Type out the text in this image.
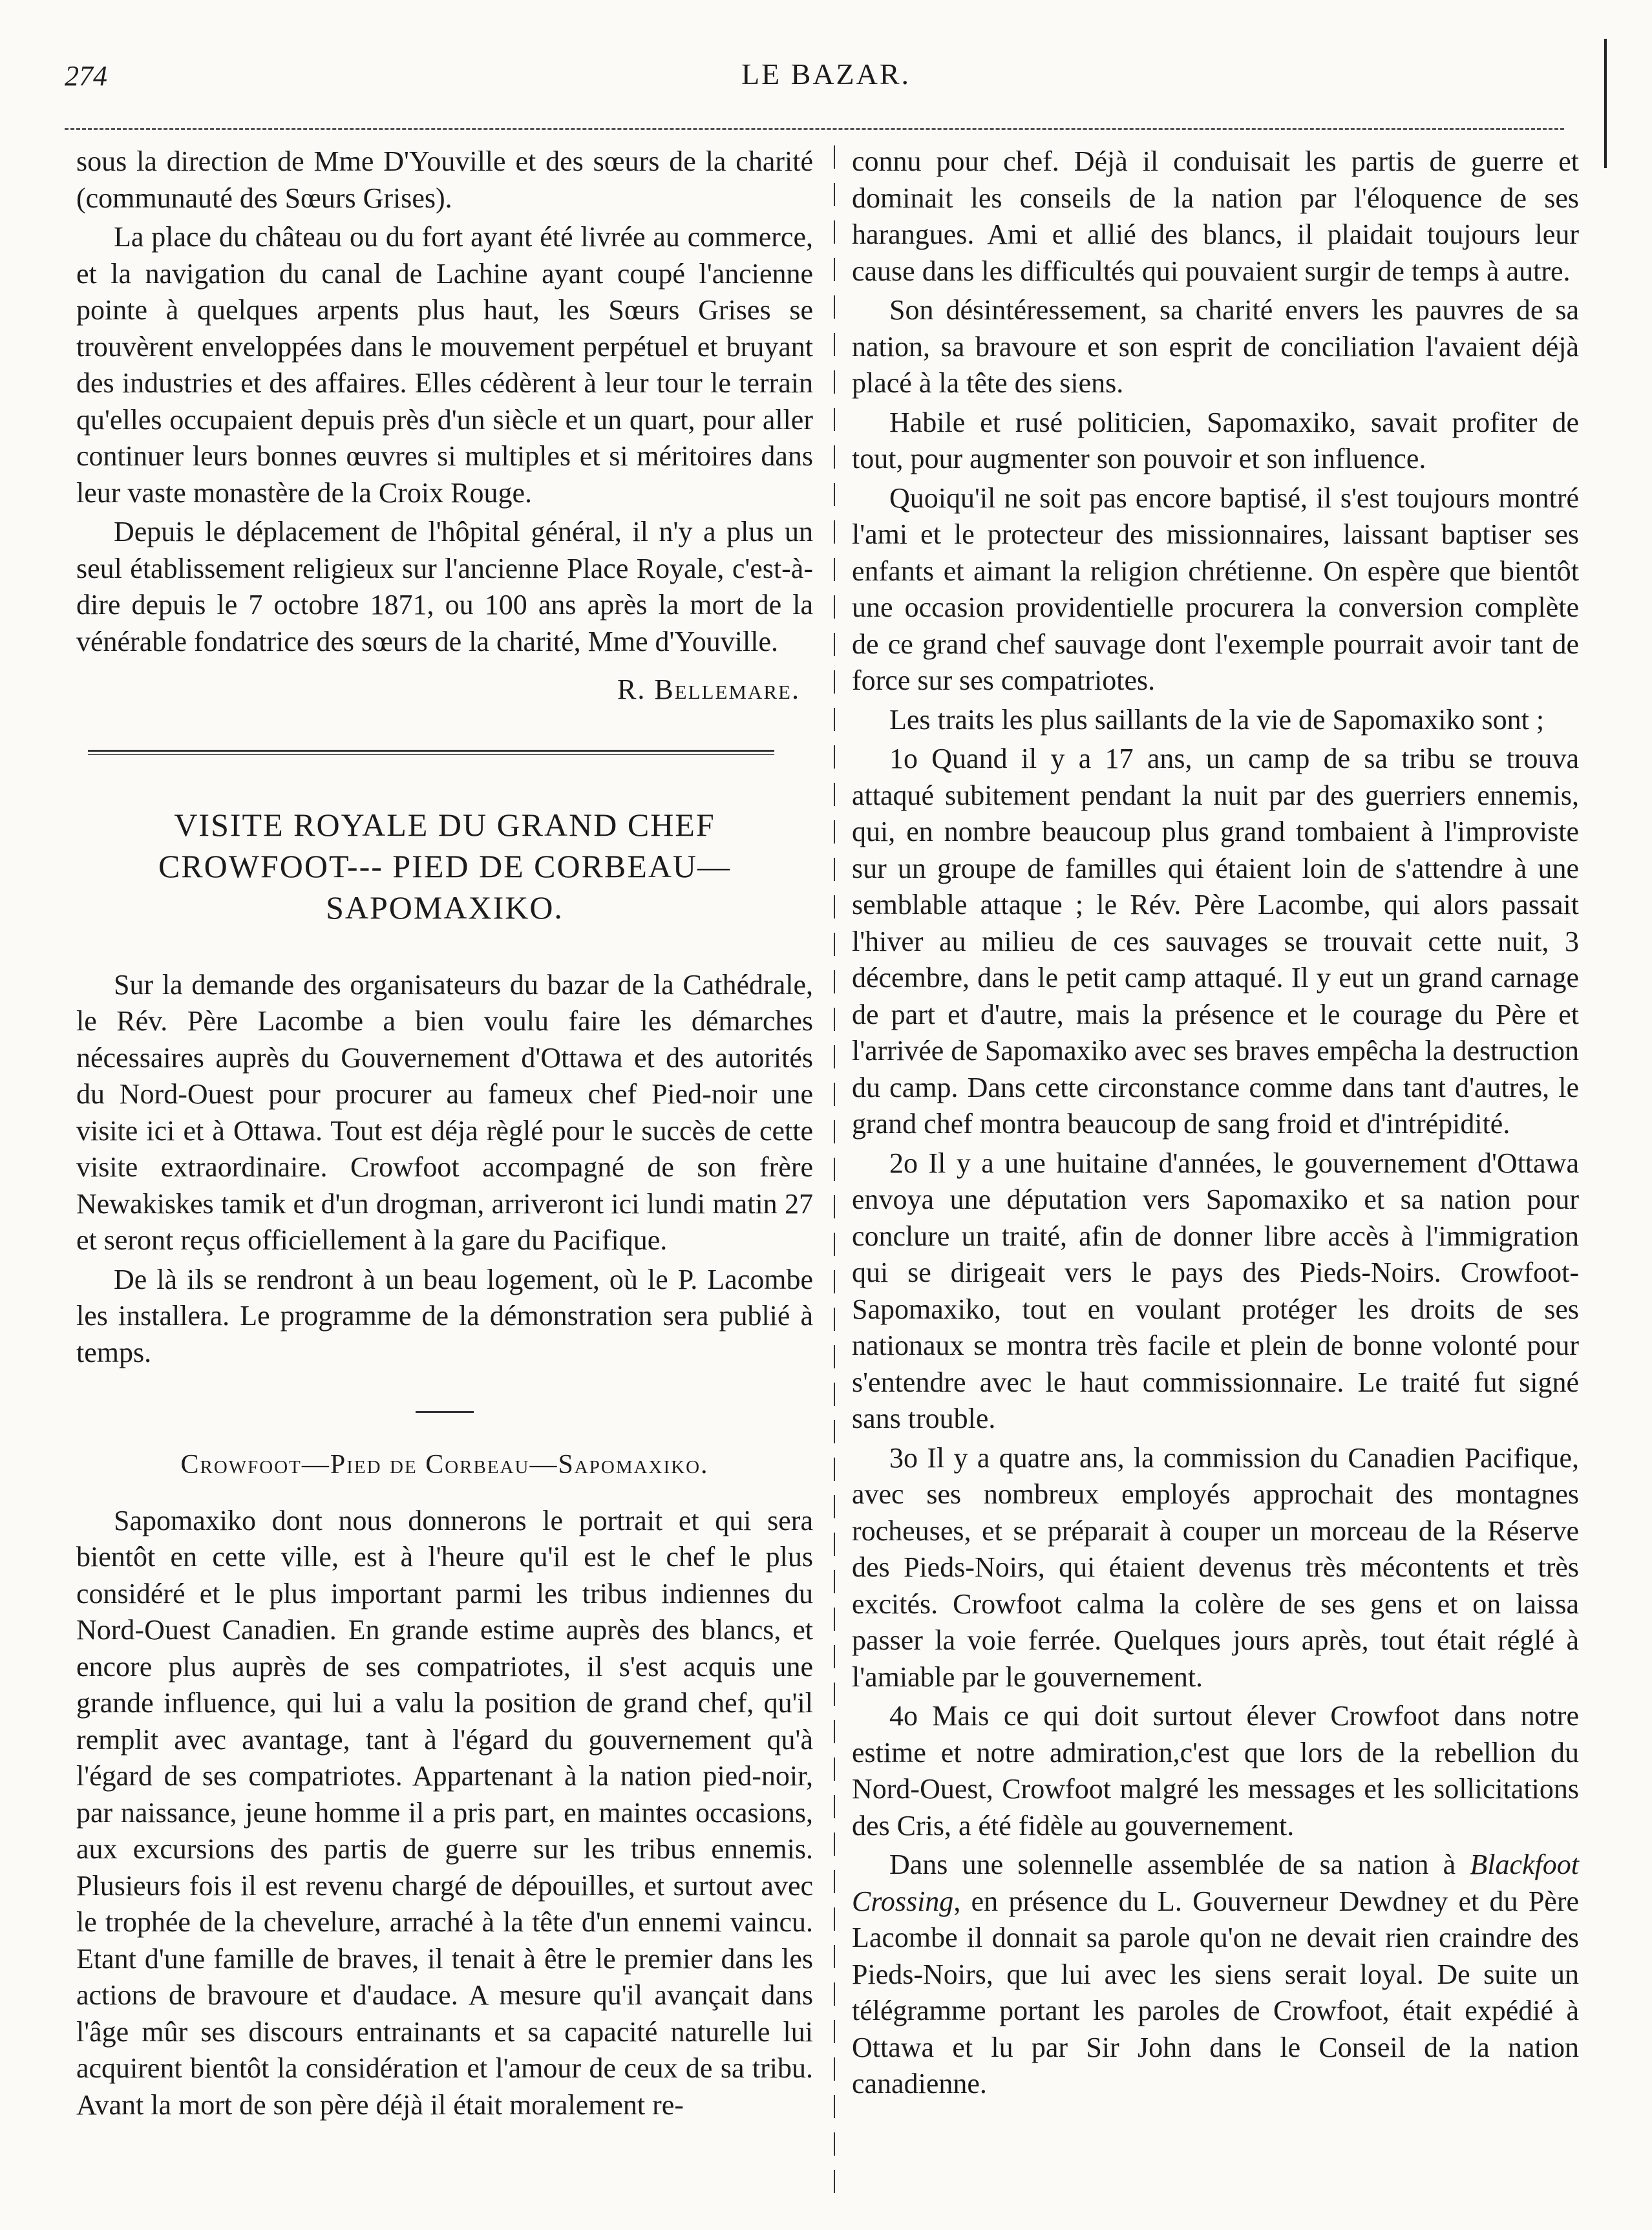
274	LE BAZAR.

sous la direction de Mme D'Youville et des sœurs de la charité (communauté des Sœurs Grises).

La place du château ou du fort ayant été livrée au commerce, et la navigation du canal de Lachine ayant coupé l'ancienne pointe à quelques arpents plus haut, les Sœurs Grises se trouvèrent enveloppées dans le mouvement perpétuel et bruyant des industries et des affaires. Elles cédèrent à leur tour le terrain qu'elles occupaient depuis près d'un siècle et un quart, pour aller continuer leurs bonnes œuvres si multiples et si méritoires dans leur vaste monastère de la Croix Rouge.

Depuis le déplacement de l'hôpital général, il n'y a plus un seul établissement religieux sur l'ancienne Place Royale, c'est-à-dire depuis le 7 octobre 1871, ou 100 ans après la mort de la vénérable fondatrice des sœurs de la charité, Mme d'Youville.

R. Bellemare.
VISITE ROYALE DU GRAND CHEF
CROWFOOT--- PIED DE CORBEAU—SAPOMAXIKO.

Sur la demande des organisateurs du bazar de la Cathédrale, le Rév. Père Lacombe a bien voulu faire les démarches nécessaires auprès du Gouvernement d'Ottawa et des autorités du Nord-Ouest pour procurer au fameux chef Pied-noir une visite ici et à Ottawa. Tout est déja règlé pour le succès de cette visite extraordinaire. Crowfoot accompagné de son frère Newakiskes tamik et d'un drogman, arriveront ici lundi matin 27 et seront reçus officiellement à la gare du Pacifique.

De là ils se rendront à un beau logement, où le P. Lacombe les installera. Le programme de la démonstration sera publié à temps.

Crowfoot—Pied de Corbeau—Sapomaxiko.

Sapomaxiko dont nous donnerons le portrait et qui sera bientôt en cette ville, est à l'heure qu'il est le chef le plus considéré et le plus important parmi les tribus indiennes du Nord-Ouest Canadien. En grande estime auprès des blancs, et encore plus auprès de ses compatriotes, il s'est acquis une grande influence, qui lui a valu la position de grand chef, qu'il remplit avec avantage, tant à l'égard du gouvernement qu'à l'égard de ses compatriotes. Appartenant à la nation pied-noir, par naissance, jeune homme il a pris part, en maintes occasions, aux excursions des partis de guerre sur les tribus ennemis. Plusieurs fois il est revenu chargé de dépouilles, et surtout avec le trophée de la chevelure, arraché à la tête d'un ennemi vaincu. Etant d'une famille de braves, il tenait à être le premier dans les actions de bravoure et d'audace. A mesure qu'il avançait dans l'âge mûr ses discours entrainants et sa capacité naturelle lui acquirent bientôt la considération et l'amour de ceux de sa tribu. Avant la mort de son père déjà il était moralement re-

connu pour chef. Déjà il conduisait les partis de guerre et dominait les conseils de la nation par l'éloquence de ses harangues. Ami et allié des blancs, il plaidait toujours leur cause dans les difficultés qui pouvaient surgir de temps à autre.

Son désintéressement, sa charité envers les pauvres de sa nation, sa bravoure et son esprit de conciliation l'avaient déjà placé à la tête des siens.

Habile et rusé politicien, Sapomaxiko, savait profiter de tout, pour augmenter son pouvoir et son influence.

Quoiqu'il ne soit pas encore baptisé, il s'est toujours montré l'ami et le protecteur des missionnaires, laissant baptiser ses enfants et aimant la religion chrétienne. On espère que bientôt une occasion providentielle procurera la conversion complète de ce grand chef sauvage dont l'exemple pourrait avoir tant de force sur ses compatriotes.

Les traits les plus saillants de la vie de Sapomaxiko sont ;

1o Quand il y a 17 ans, un camp de sa tribu se trouva attaqué subitement pendant la nuit par des guerriers ennemis, qui, en nombre beaucoup plus grand tombaient à l'improviste sur un groupe de familles qui étaient loin de s'attendre à une semblable attaque ; le Rév. Père Lacombe, qui alors passait l'hiver au milieu de ces sauvages se trouvait cette nuit, 3 décembre, dans le petit camp attaqué. Il y eut un grand carnage de part et d'autre, mais la présence et le courage du Père et l'arrivée de Sapomaxiko avec ses braves empêcha la destruction du camp. Dans cette circonstance comme dans tant d'autres, le grand chef montra beaucoup de sang froid et d'intrépidité.

2o Il y a une huitaine d'années, le gouvernement d'Ottawa envoya une députation vers Sapomaxiko et sa nation pour conclure un traité, afin de donner libre accès à l'immigration qui se dirigeait vers le pays des Pieds-Noirs. Crowfoot-Sapomaxiko, tout en voulant protéger les droits de ses nationaux se montra très facile et plein de bonne volonté pour s'entendre avec le haut commissionnaire. Le traité fut signé sans trouble.

3o Il y a quatre ans, la commission du Canadien Pacifique, avec ses nombreux employés approchait des montagnes rocheuses, et se préparait à couper un morceau de la Réserve des Pieds-Noirs, qui étaient devenus très mécontents et très excités. Crowfoot calma la colère de ses gens et on laissa passer la voie ferrée. Quelques jours après, tout était réglé à l'amiable par le gouvernement.

4o Mais ce qui doit surtout élever Crowfoot dans notre estime et notre admiration,c'est que lors de la rebellion du Nord-Ouest, Crowfoot malgré les messages et les sollicitations des Cris, a été fidèle au gouvernement.

Dans une solennelle assemblée de sa nation à Blackfoot Crossing, en présence du L. Gouverneur Dewdney et du Père Lacombe il donnait sa parole qu'on ne devait rien craindre des Pieds-Noirs, que lui avec les siens serait loyal. De suite un télégramme portant les paroles de Crowfoot, était expédié à Ottawa et lu par Sir John dans le Conseil de la nation canadienne.
